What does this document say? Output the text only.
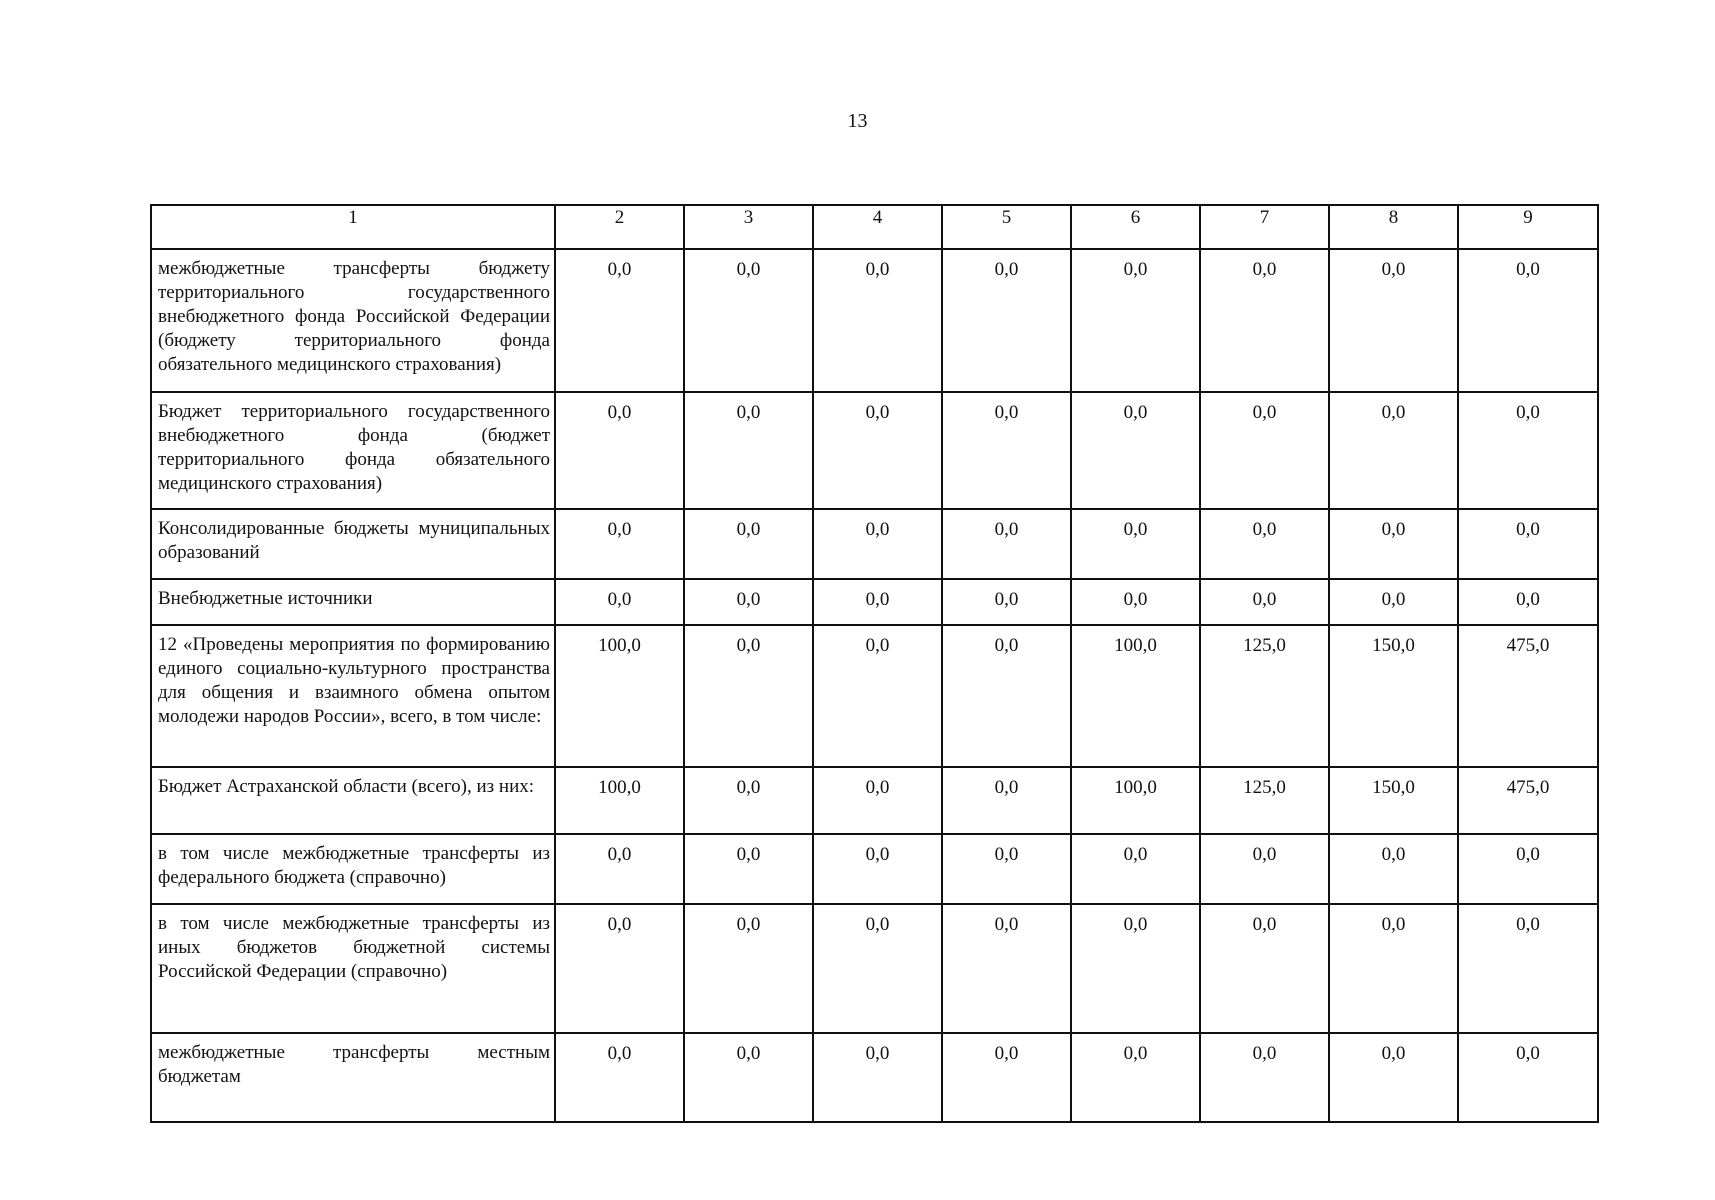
13
1	2	3	4	5	6	7	8	9
межбюджетные трансферты бюджету территориального государственного внебюджетного фонда Российской Федерации (бюджету территориального фонда обязательного медицинского страхования)	0,0	0,0	0,0	0,0	0,0	0,0	0,0	0,0
Бюджет территориального государственного внебюджетного фонда (бюджет территориального фонда обязательного медицинского страхования)	0,0	0,0	0,0	0,0	0,0	0,0	0,0	0,0
Консолидированные бюджеты муниципальных образований	0,0	0,0	0,0	0,0	0,0	0,0	0,0	0,0
Внебюджетные источники	0,0	0,0	0,0	0,0	0,0	0,0	0,0	0,0
12 «Проведены мероприятия по формированию единого социально-культурного пространства для общения и взаимного обмена опытом молодежи народов России», всего, в том числе:	100,0	0,0	0,0	0,0	100,0	125,0	150,0	475,0
Бюджет Астраханской области (всего), из них:	100,0	0,0	0,0	0,0	100,0	125,0	150,0	475,0
в том числе межбюджетные трансферты из федерального бюджета (справочно)	0,0	0,0	0,0	0,0	0,0	0,0	0,0	0,0
в том числе межбюджетные трансферты из иных бюджетов бюджетной системы Российской Федерации (справочно)	0,0	0,0	0,0	0,0	0,0	0,0	0,0	0,0
межбюджетные трансферты местным бюджетам	0,0	0,0	0,0	0,0	0,0	0,0	0,0	0,0
